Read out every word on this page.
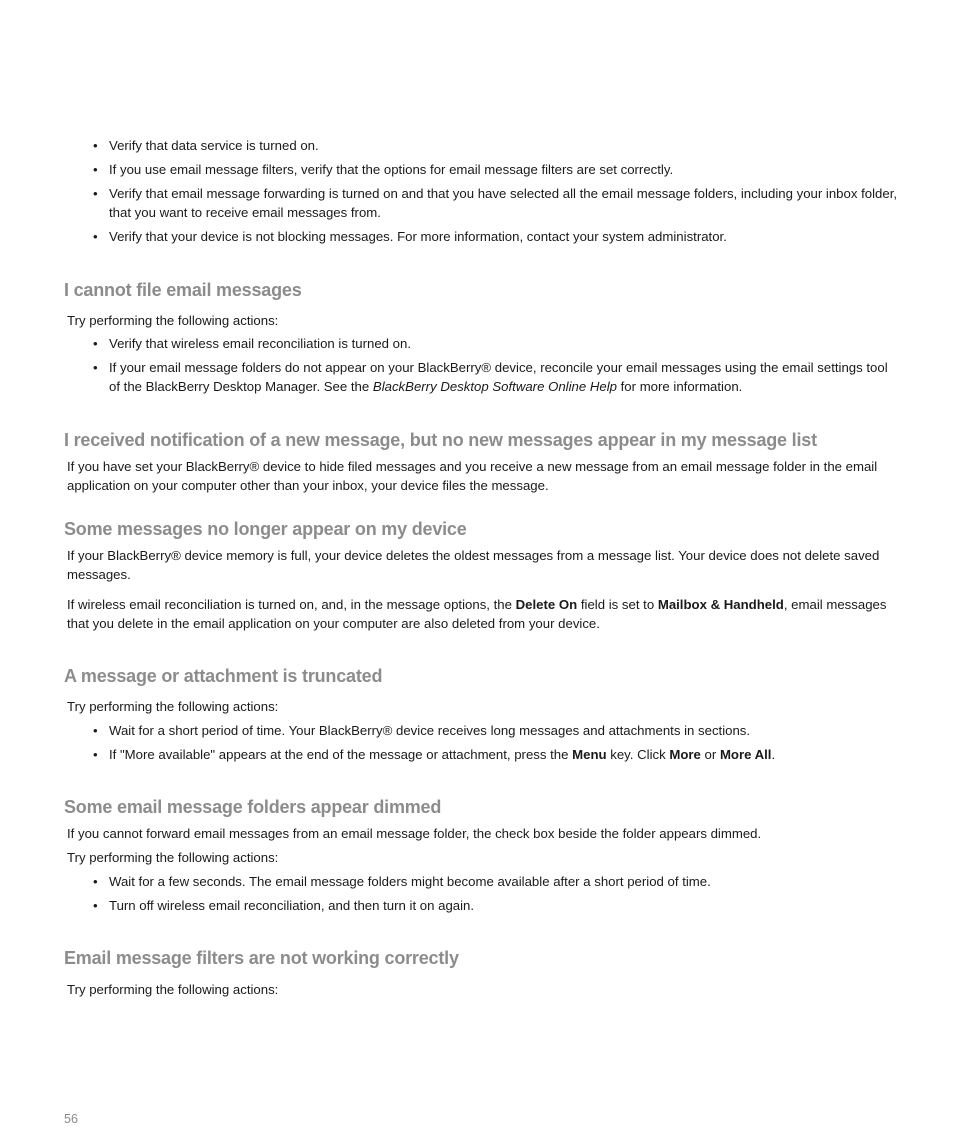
• Verify that data service is turned on.
• If you use email message filters, verify that the options for email message filters are set correctly.
• Verify that email message forwarding is turned on and that you have selected all the email message folders, including your inbox folder, that you want to receive email messages from.
• Verify that your device is not blocking messages. For more information, contact your system administrator.
I cannot file email messages

Try performing the following actions:

• Verify that wireless email reconciliation is turned on.
• If your email message folders do not appear on your BlackBerry® device, reconcile your email messages using the email settings tool of the BlackBerry Desktop Manager. See the BlackBerry Desktop Software Online Help for more information.
I received notification of a new message, but no new messages appear in my message list

If you have set your BlackBerry® device to hide filed messages and you receive a new message from an email message folder in the email application on your computer other than your inbox, your device files the message.

Some messages no longer appear on my device

If your BlackBerry® device memory is full, your device deletes the oldest messages from a message list. Your device does not delete saved messages.

If wireless email reconciliation is turned on, and, in the message options, the Delete On field is set to Mailbox & Handheld, email messages that you delete in the email application on your computer are also deleted from your device.

A message or attachment is truncated

Try performing the following actions:

• Wait for a short period of time. Your BlackBerry® device receives long messages and attachments in sections.
• If "More available" appears at the end of the message or attachment, press the Menu key. Click More or More All.
Some email message folders appear dimmed

If you cannot forward email messages from an email message folder, the check box beside the folder appears dimmed.

Try performing the following actions:

• Wait for a few seconds. The email message folders might become available after a short period of time.
• Turn off wireless email reconciliation, and then turn it on again.
Email message filters are not working correctly

Try performing the following actions:

56
